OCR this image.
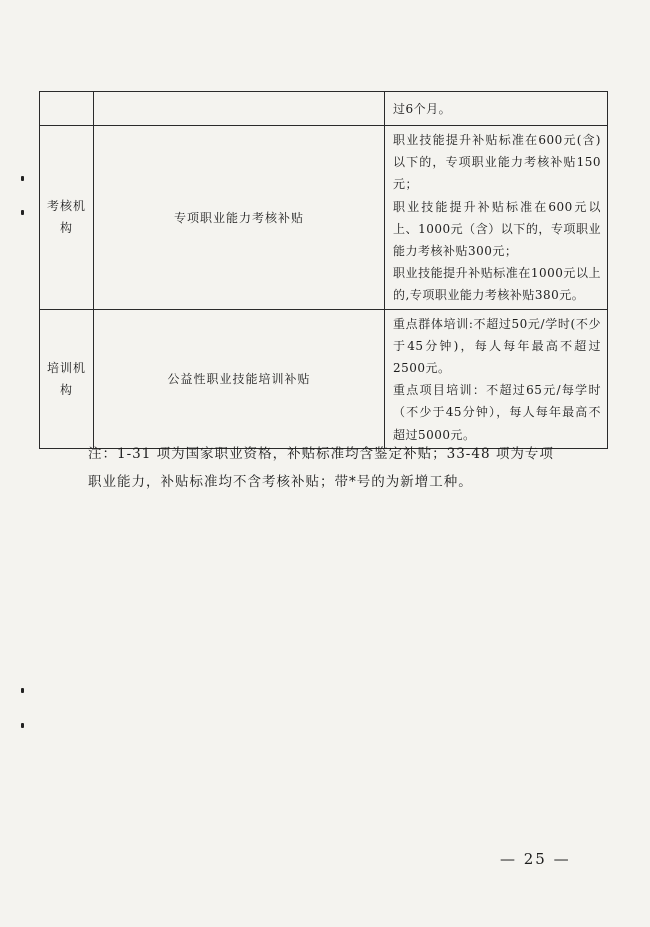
		过6个月。
考核机构	专项职业能力考核补贴	职业技能提升补贴标准在600元(含)以下的，专项职业能力考核补贴150元；

职业技能提升补贴标准在600元以上、1000元（含）以下的，专项职业能力考核补贴300元；

职业技能提升补贴标准在1000元以上的,专项职业能力考核补贴380元。

培训机构	公益性职业技能培训补贴	重点群体培训:不超过50元/学时(不少于45分钟)，每人每年最高不超过2500元。

重点项目培训：不超过65元/每学时（不少于45分钟），每人每年最高不超过5000元。

注：1-31 项为国家职业资格，补贴标准均含鉴定补贴；33-48 项为专项

职业能力，补贴标准均不含考核补贴；带*号的为新增工种。

— 25 —
